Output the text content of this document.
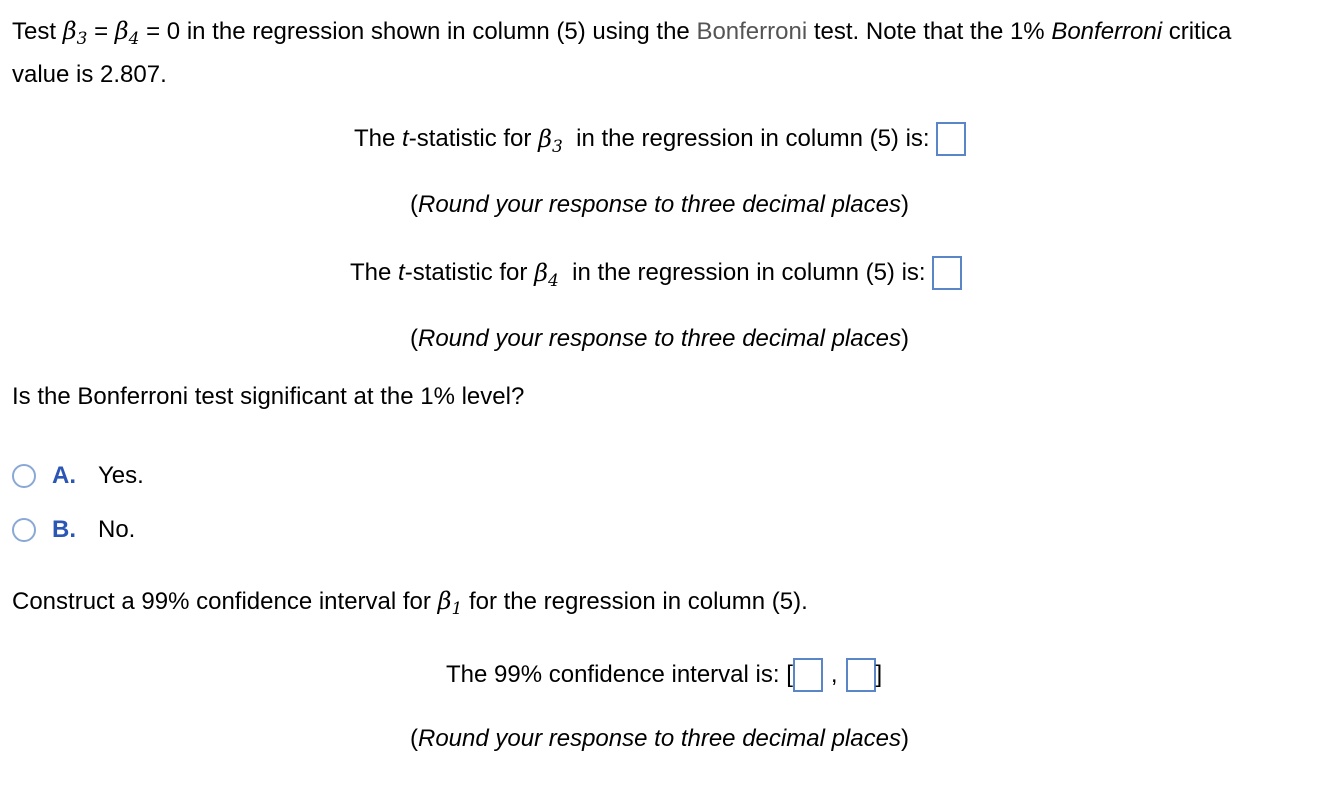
Test $\beta_3 = \beta_4 = 0$ in the regression shown in column (5) using the Bonferroni test. Note that the 1% Bonferroni critica
value is 2.807.
The
t -statistic for
$\beta_3$
in the regression in column (5) is:

(Round your response to three decimal places)
The
t -statistic for
$\beta_4$
in the regression in column (5) is:

(Round your response to three decimal places)
Is the Bonferroni test significant at the 1% level?
A. Yes.
B. No.
Construct a 99% confidence interval for $\beta_1$ for the regression in column (5).
The 99% confidence interval is:
[ , ]
(Round your response to three decimal places)
